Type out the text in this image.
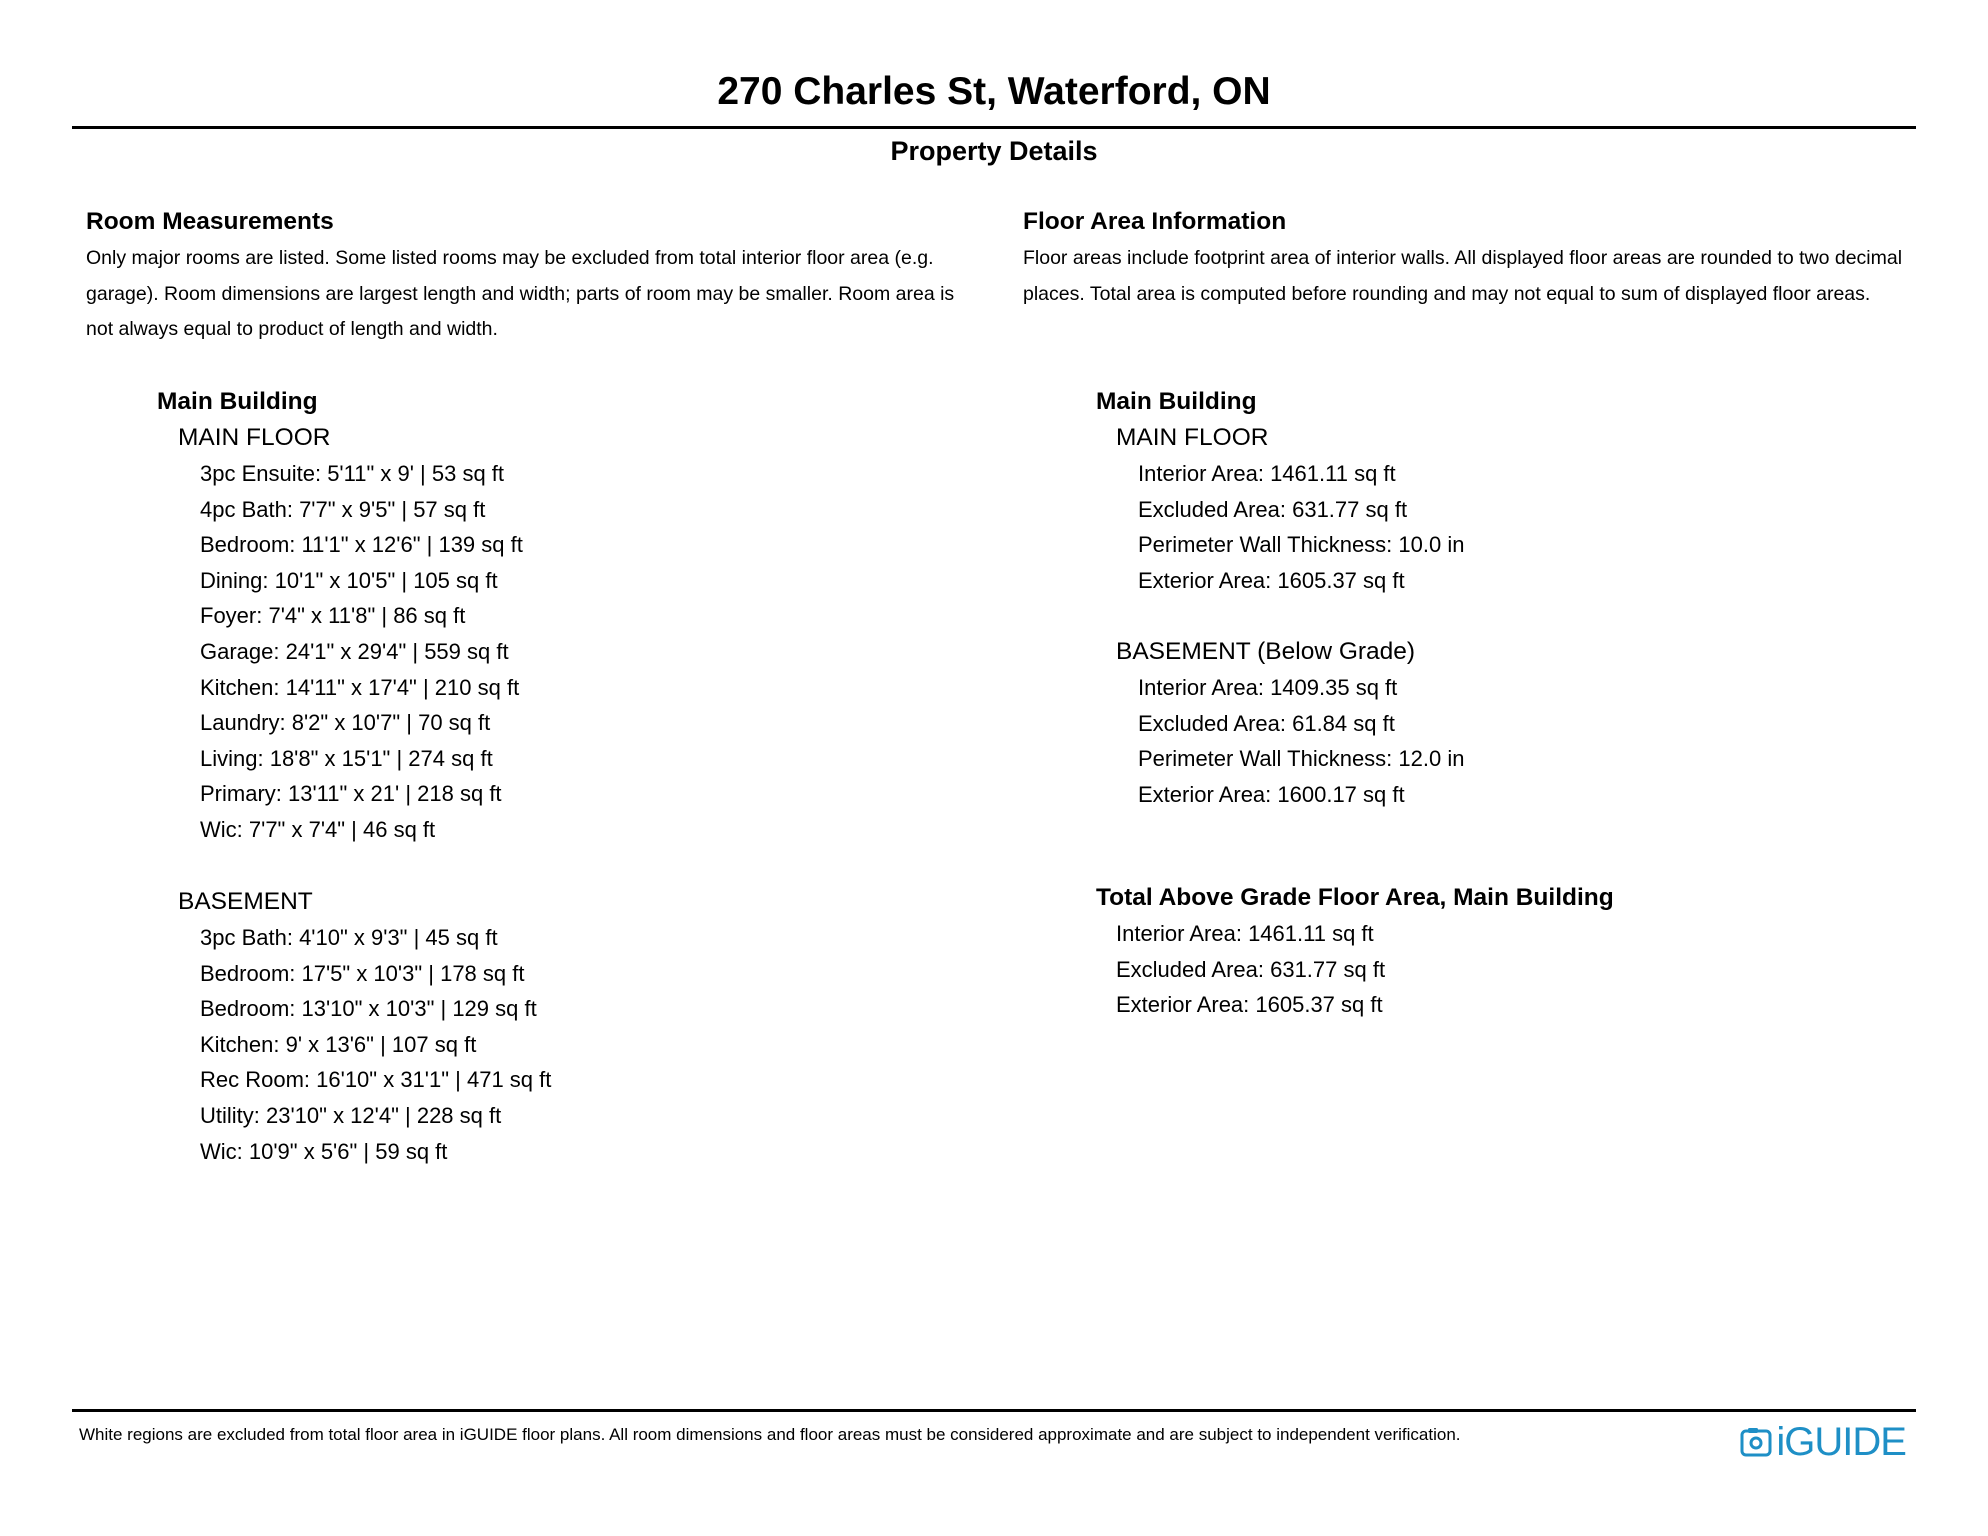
270 Charles St, Waterford, ON
Property Details
Room Measurements
Only major rooms are listed. Some listed rooms may be excluded from total interior floor area (e.g. garage). Room dimensions are largest length and width; parts of room may be smaller. Room area is not always equal to product of length and width.
Main Building
MAIN FLOOR
3pc Ensuite: 5'11" x 9' | 53 sq ft
4pc Bath: 7'7" x 9'5" | 57 sq ft
Bedroom: 11'1" x 12'6" | 139 sq ft
Dining: 10'1" x 10'5" | 105 sq ft
Foyer: 7'4" x 11'8" | 86 sq ft
Garage: 24'1" x 29'4" | 559 sq ft
Kitchen: 14'11" x 17'4" | 210 sq ft
Laundry: 8'2" x 10'7" | 70 sq ft
Living: 18'8" x 15'1" | 274 sq ft
Primary: 13'11" x 21' | 218 sq ft
Wic: 7'7" x 7'4" | 46 sq ft
BASEMENT
3pc Bath: 4'10" x 9'3" | 45 sq ft
Bedroom: 17'5" x 10'3" | 178 sq ft
Bedroom: 13'10" x 10'3" | 129 sq ft
Kitchen: 9' x 13'6" | 107 sq ft
Rec Room: 16'10" x 31'1" | 471 sq ft
Utility: 23'10" x 12'4" | 228 sq ft
Wic: 10'9" x 5'6" | 59 sq ft
Floor Area Information
Floor areas include footprint area of interior walls. All displayed floor areas are rounded to two decimal places. Total area is computed before rounding and may not equal to sum of displayed floor areas.
Main Building
MAIN FLOOR
Interior Area: 1461.11 sq ft
Excluded Area: 631.77 sq ft
Perimeter Wall Thickness: 10.0 in
Exterior Area: 1605.37 sq ft
BASEMENT (Below Grade)
Interior Area: 1409.35 sq ft
Excluded Area: 61.84 sq ft
Perimeter Wall Thickness: 12.0 in
Exterior Area: 1600.17 sq ft
Total Above Grade Floor Area, Main Building
Interior Area: 1461.11 sq ft
Excluded Area: 631.77 sq ft
Exterior Area: 1605.37 sq ft
White regions are excluded from total floor area in iGUIDE floor plans. All room dimensions and floor areas must be considered approximate and are subject to independent verification.	iGUIDE
